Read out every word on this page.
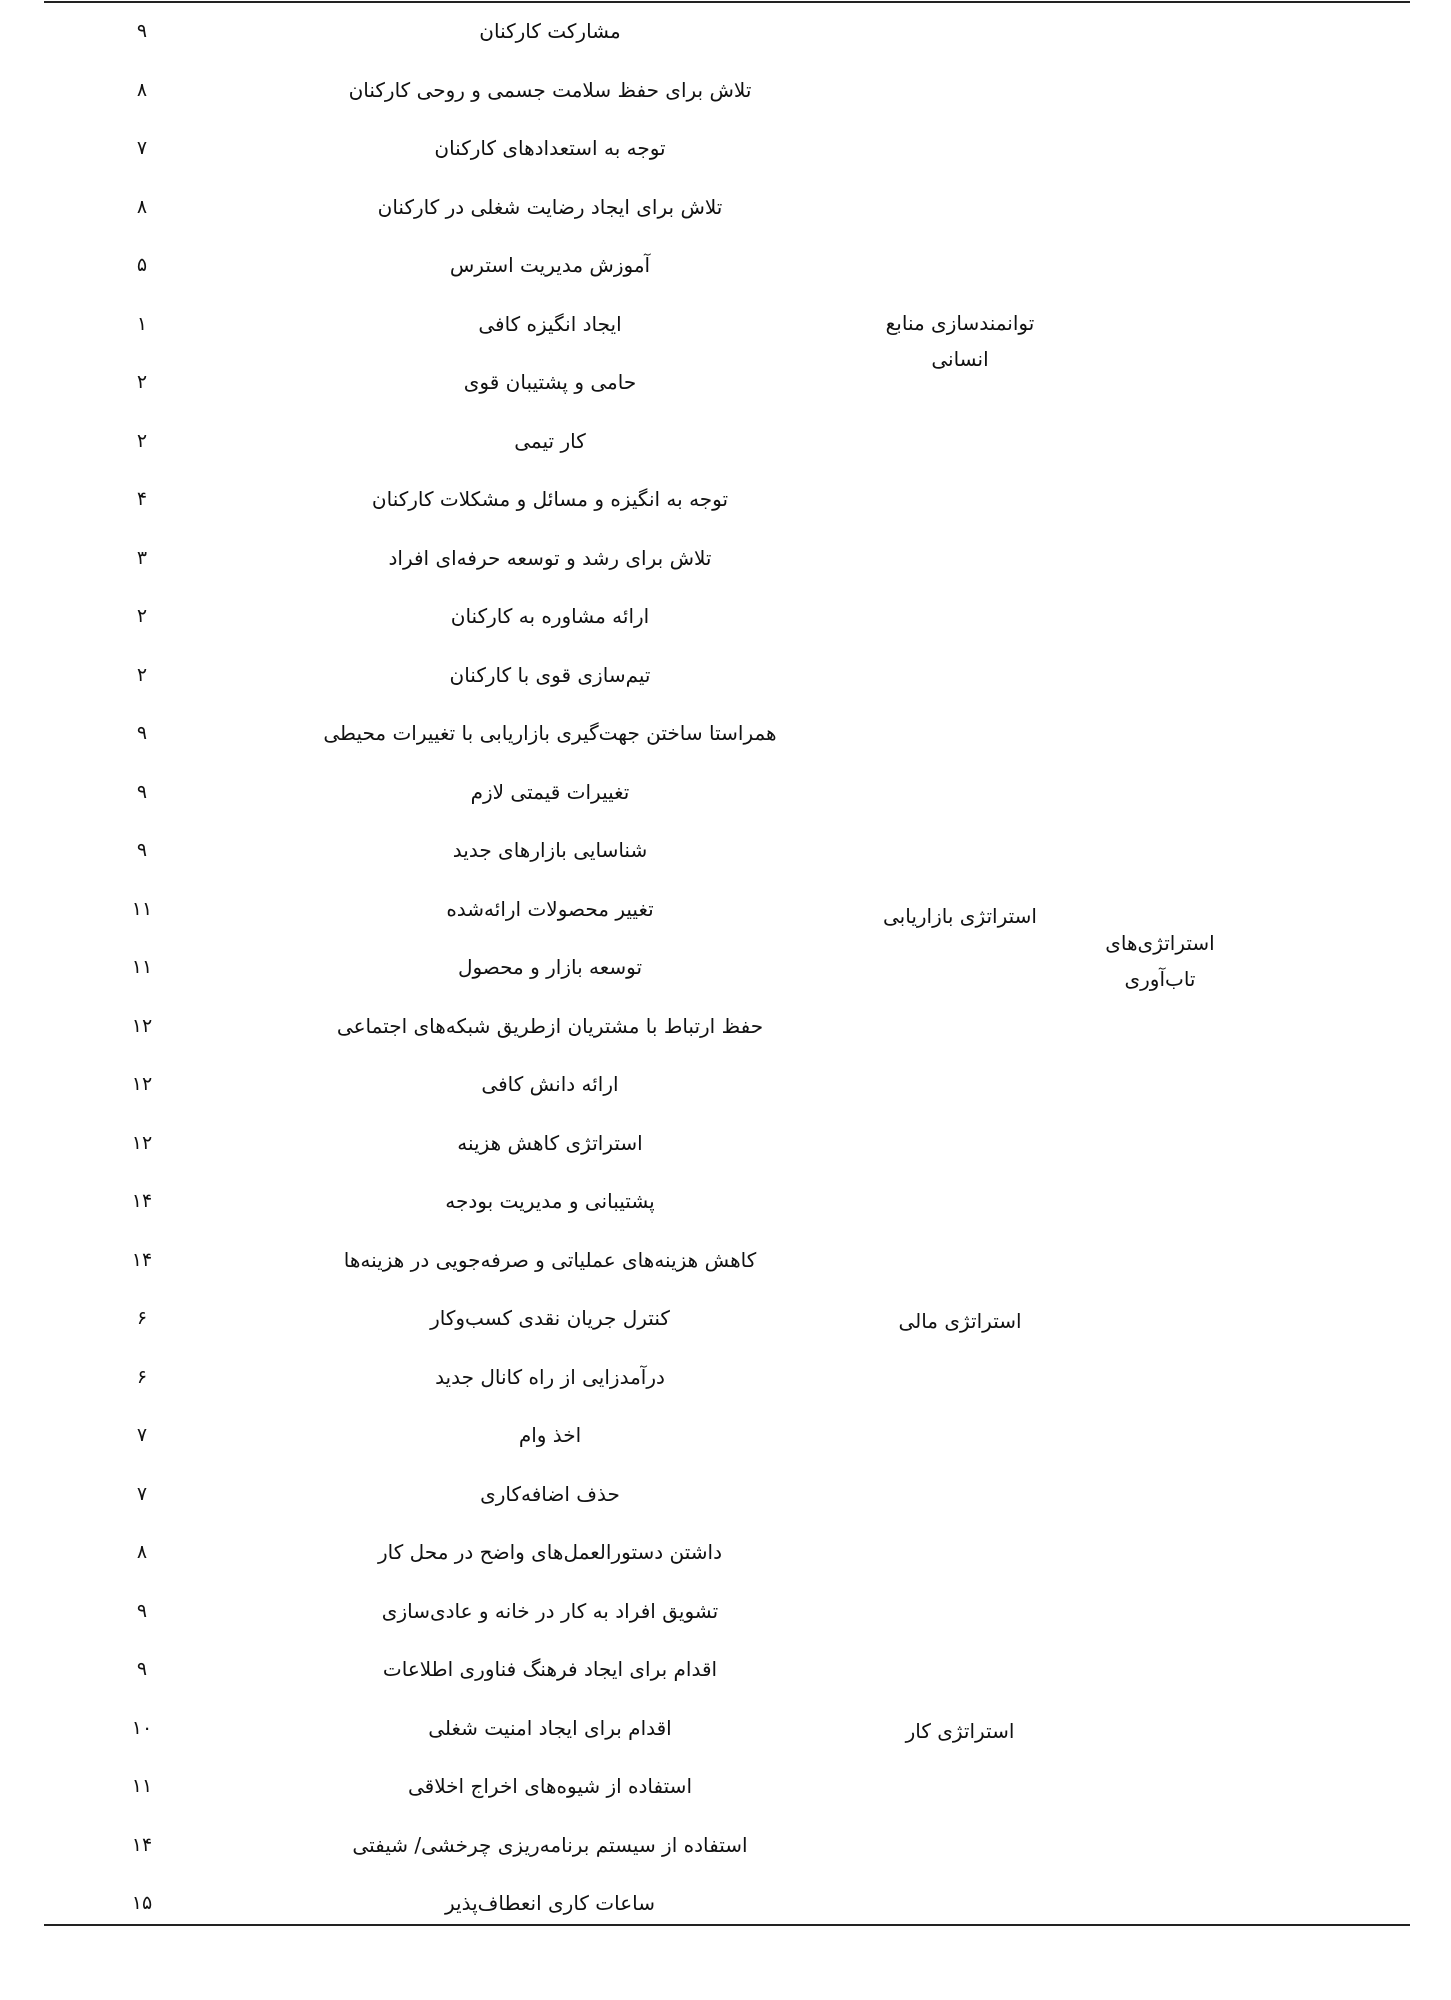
استراتژی‌های
تاب‌آوری
توانمندسازی منابع
انسانی
استراتژی بازاریابی
استراتژی مالی
استراتژی کار
مشارکت کارکنان
۹
تلاش برای حفظ سلامت جسمی و روحی کارکنان
۸
توجه به استعدادهای کارکنان
۷
تلاش برای ایجاد رضایت شغلی در کارکنان
۸
آموزش مدیریت استرس
۵
ایجاد انگیزه کافی
۱
حامی و پشتیبان قوی
۲
کار تیمی
۲
توجه به انگیزه و مسائل و مشکلات کارکنان
۴
تلاش برای رشد و توسعه حرفه‌ای افراد
۳
ارائه مشاوره به کارکنان
۲
تیم‌سازی قوی با کارکنان
۲
همراستا ساختن جهت‌گیری بازاریابی با تغییرات محیطی
۹
تغییرات قیمتی لازم
۹
شناسایی بازارهای جدید
۹
تغییر محصولات ارائه‌شده
۱۱
توسعه بازار و محصول
۱۱
حفظ ارتباط با مشتریان ازطریق شبکه‌های اجتماعی
۱۲
ارائه دانش کافی
۱۲
استراتژی کاهش هزینه
۱۲
پشتیبانی و مدیریت بودجه
۱۴
کاهش هزینه‌های عملیاتی و صرفه‌جویی در هزینه‌ها
۱۴
کنترل جریان نقدی کسب‌وکار
۶
درآمدزایی از راه کانال جدید
۶
اخذ وام
۷
حذف اضافه‌کاری
۷
داشتن دستورالعمل‌های واضح در محل کار
۸
تشویق افراد به کار در خانه و عادی‌سازی
۹
اقدام برای ایجاد فرهنگ فناوری اطلاعات
۹
اقدام برای ایجاد امنیت شغلی
۱۰
استفاده از شیوه‌های اخراج اخلاقی
۱۱
استفاده از سیستم برنامه‌ریزی چرخشی/ شیفتی
۱۴
ساعات کاری انعطاف‌پذیر
۱۵
